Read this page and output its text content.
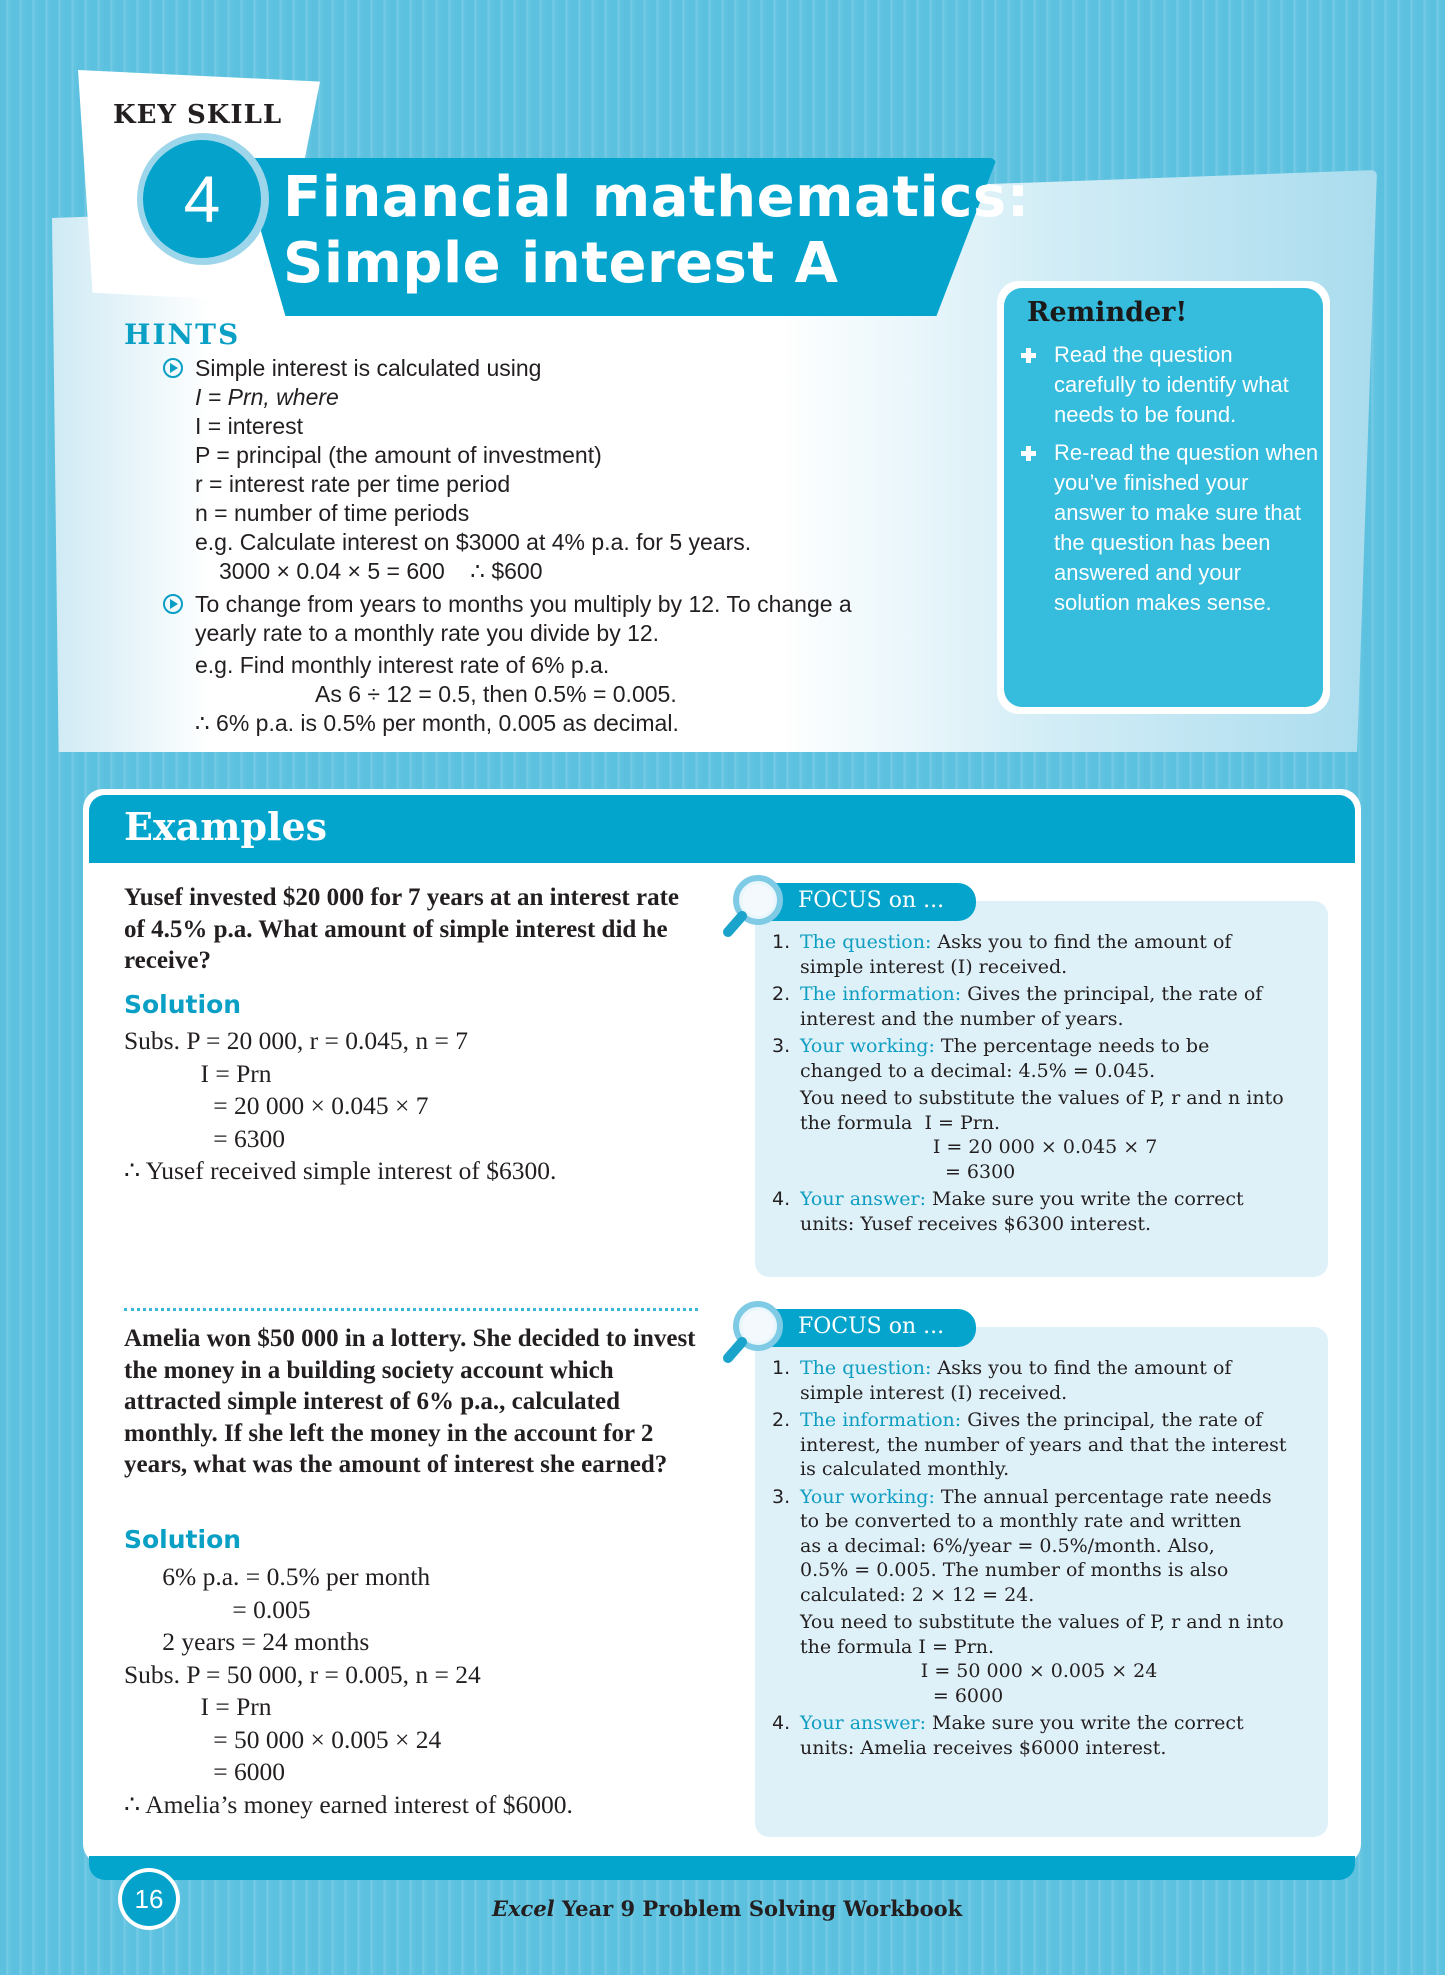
KEY SKILL
4	Financial mathematics:
Simple interest A
HINTS
Simple interest is calculated using
I = Prn, where
I = interest
P = principal (the amount of investment)
r = interest rate per time period
n = number of time periods
e.g. Calculate interest on $3000 at 4% p.a. for 5 years.
3000 × 0.04 × 5 = 600    ∴ $600
To change from years to months you multiply by 12. To change a
yearly rate to a monthly rate you divide by 12.
e.g. Find monthly interest rate of 6% p.a.
As 6 ÷ 12 = 0.5, then 0.5% = 0.005.
∴ 6% p.a. is 0.5% per month, 0.005 as decimal.
Reminder!
Read the question carefully to identify what needs to be found.
Re-read the question when you’ve finished your answer to make sure that the question has been answered and your solution makes sense.
Examples
Yusef invested $20 000 for 7 years at an interest rate of 4.5% p.a. What amount of simple interest did he receive?
Solution
Subs. P = 20 000, r = 0.045, n = 7
I = Prn
= 20 000 × 0.045 × 7
= 6300
∴ Yusef received simple interest of $6300.
FOCUS on ...
1. The question: Asks you to find the amount of
simple interest (I) received.
2. The information: Gives the principal, the rate of
interest and the number of years.
3. Your working: The percentage needs to be
changed to a decimal: 4.5% = 0.045.
You need to substitute the values of P, r and n into
the formula  I = Prn.
I = 20 000 × 0.045 × 7
= 6300
4. Your answer: Make sure you write the correct
units: Yusef receives $6300 interest.
Amelia won $50 000 in a lottery. She decided to invest the money in a building society account which attracted simple interest of 6% p.a., calculated monthly. If she left the money in the account for 2 years, what was the amount of interest she earned?
Solution
6% p.a. = 0.5% per month
= 0.005
2 years = 24 months
Subs. P = 50 000, r = 0.005, n = 24
I = Prn
= 50 000 × 0.005 × 24
= 6000
∴ Amelia’s money earned interest of $6000.
FOCUS on ...
1. The question: Asks you to find the amount of
simple interest (I) received.
2. The information: Gives the principal, the rate of
interest, the number of years and that the interest
is calculated monthly.
3. Your working: The annual percentage rate needs
to be converted to a monthly rate and written
as a decimal: 6%/year = 0.5%/month. Also,
0.5% = 0.005. The number of months is also
calculated: 2 × 12 = 24.
You need to substitute the values of P, r and n into
the formula I = Prn.
I = 50 000 × 0.005 × 24
= 6000
4. Your answer: Make sure you write the correct
units: Amelia receives $6000 interest.
16	Excel Year 9 Problem Solving Workbook
